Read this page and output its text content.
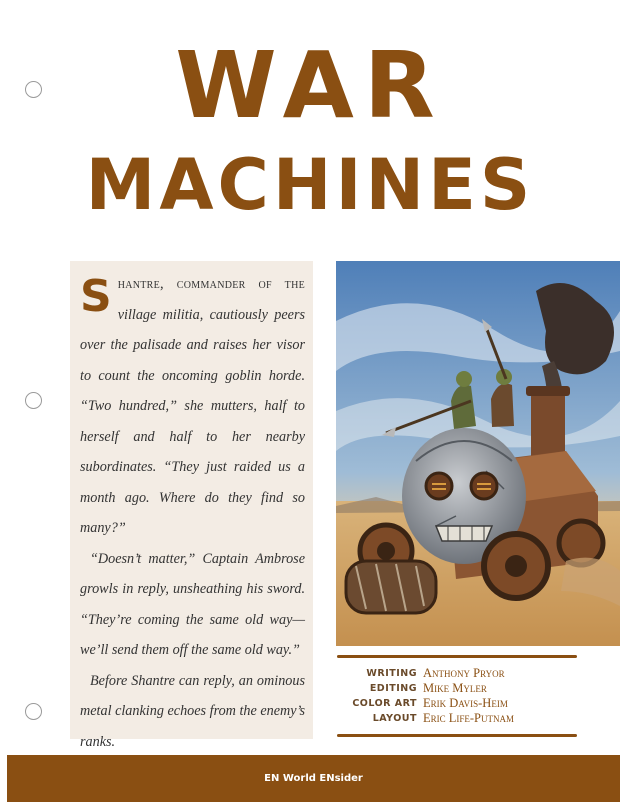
WAR
MACHINES

Shantre, commander of the village militia, cautiously peers over the palisade and raises her visor to count the oncoming goblin horde. “Two hundred,” she mutters, half to herself and half to her nearby subordinates. “They just raided us a month ago. Where do they find so many?”

“Doesn’t matter,” Captain Ambrose growls in reply, unsheathing his sword. “They’re coming the same old way—we’ll send them off the same old way.”

Before Shantre can reply, an ominous metal clanking echoes from the enemy’s ranks.

WRITING Anthony Pryor
EDITING Mike Myler
COLOR ART Erik Davis-Heim
LAYOUT Eric Life-Putnam
EN World ENsider
